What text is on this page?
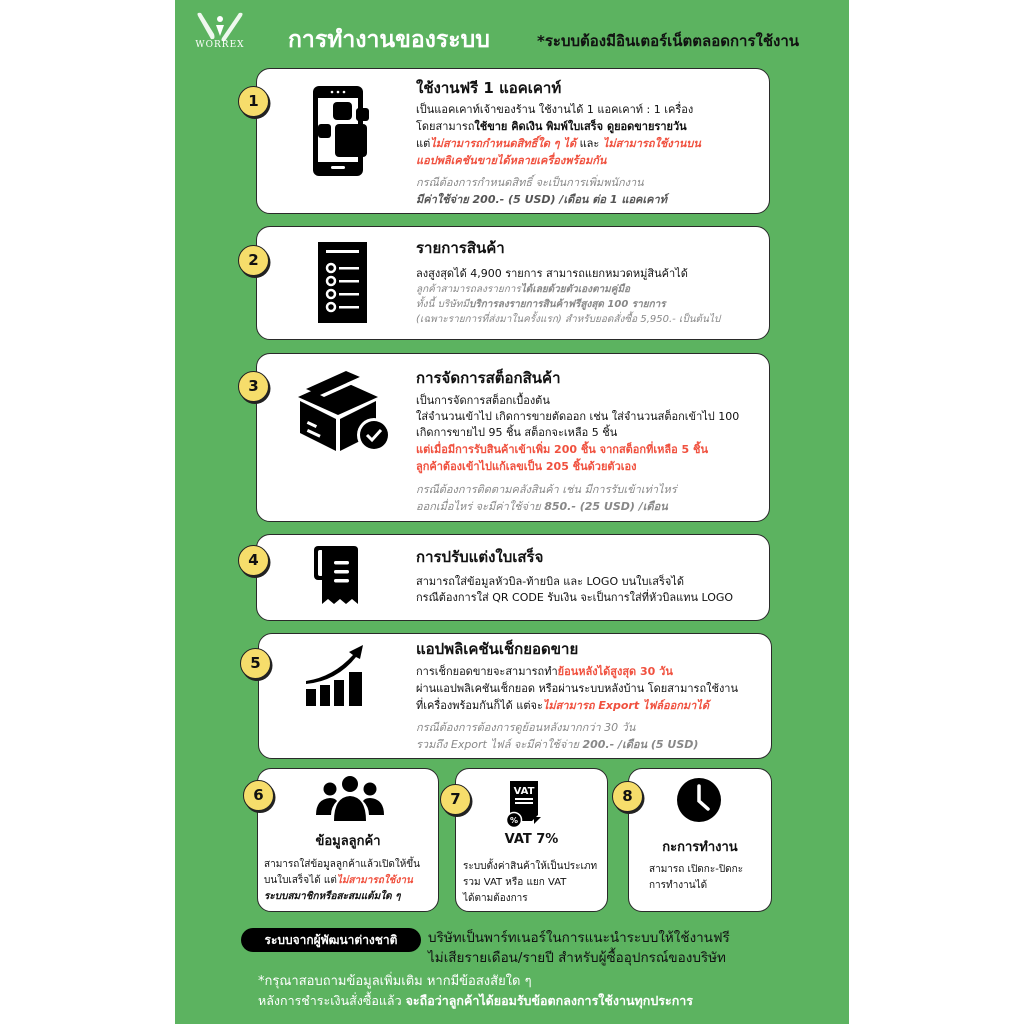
WORREX การทำงานของระบบ	*ระบบต้องมีอินเตอร์เน็ตตลอดการใช้งาน
1
ใช้งานฟรี 1 แอคเคาท์
เป็นแอคเคาท์เจ้าของร้าน ใช้งานได้ 1 แอคเคาท์ : 1 เครื่อง
โดยสามารถใช้ขาย คิดเงิน พิมพ์ใบเสร็จ ดูยอดขายรายวัน
แต่ไม่สามารถกำหนดสิทธิ์ใด ๆ ได้ และ ไม่สามารถใช้งานบน
แอปพลิเคชันขายได้หลายเครื่องพร้อมกัน
กรณีต้องการกำหนดสิทธิ์ จะเป็นการเพิ่มพนักงาน
มีค่าใช้จ่าย 200.- (5 USD) /เดือน ต่อ 1 แอคเคาท์
2
รายการสินค้า
ลงสูงสุดได้ 4,900 รายการ สามารถแยกหมวดหมู่สินค้าได้
ลูกค้าสามารถลงรายการได้เลยด้วยตัวเองตามคู่มือ
ทั้งนี้ บริษัทมีบริการลงรายการสินค้าฟรีสูงสุด 100 รายการ
(เฉพาะรายการที่ส่งมาในครั้งแรก) สำหรับยอดสั่งซื้อ 5,950.- เป็นต้นไป
3	การจัดการสต็อกสินค้า
เป็นการจัดการสต็อกเบื้องต้น
ใส่จำนวนเข้าไป เกิดการขายตัดออก เช่น ใส่จำนวนสต็อกเข้าไป 100
เกิดการขายไป 95 ชิ้น สต็อกจะเหลือ 5 ชิ้น
แต่เมื่อมีการรับสินค้าเข้าเพิ่ม 200 ชิ้น จากสต็อกที่เหลือ 5 ชิ้น
ลูกค้าต้องเข้าไปแก้เลขเป็น 205 ชิ้นด้วยตัวเอง
กรณีต้องการติดตามคลังสินค้า เช่น มีการรับเข้าเท่าไหร่
ออกเมื่อไหร่ จะมีค่าใช้จ่าย 850.- (25 USD) /เดือน
4	การปรับแต่งใบเสร็จ
สามารถใส่ข้อมูลหัวบิล-ท้ายบิล และ LOGO บนใบเสร็จได้
กรณีต้องการใส่ QR CODE รับเงิน จะเป็นการใส่ที่หัวบิลแทน LOGO
5
แอปพลิเคชันเช็กยอดขาย
การเช็กยอดขายจะสามารถทำย้อนหลังได้สูงสุด 30 วัน
ผ่านแอปพลิเคชันเช็กยอด หรือผ่านระบบหลังบ้าน โดยสามารถใช้งาน
ที่เครื่องพร้อมกันก็ได้ แต่จะไม่สามารถ Export ไฟล์ออกมาได้
กรณีต้องการต้องการดูย้อนหลังมากกว่า 30 วัน
รวมถึง Export ไฟล์ จะมีค่าใช้จ่าย 200.- /เดือน (5 USD)
6
ข้อมูลลูกค้า
สามารถใส่ข้อมูลลูกค้าแล้วเปิดให้ขึ้น
บนใบเสร็จได้ แต่ไม่สามารถใช้งาน
ระบบสมาชิกหรือสะสมแต้มใด ๆ
7	VAT
%
VAT 7%
ระบบตั้งค่าสินค้าให้เป็นประเภท
รวม VAT หรือ แยก VAT
ได้ตามต้องการ
8
กะการทำงาน
สามารถ เปิดกะ-ปิดกะ
การทำงานได้
ระบบจากผู้พัฒนาต่างชาติ	บริษัทเป็นพาร์ทเนอร์ในการแนะนำระบบให้ใช้งานฟรี
ไม่เสียรายเดือน/รายปี สำหรับผู้ซื้ออุปกรณ์ของบริษัท
*กรุณาสอบถามข้อมูลเพิ่มเติม หากมีข้อสงสัยใด ๆ
หลังการชำระเงินสั่งซื้อแล้ว จะถือว่าลูกค้าได้ยอมรับข้อตกลงการใช้งานทุกประการ
